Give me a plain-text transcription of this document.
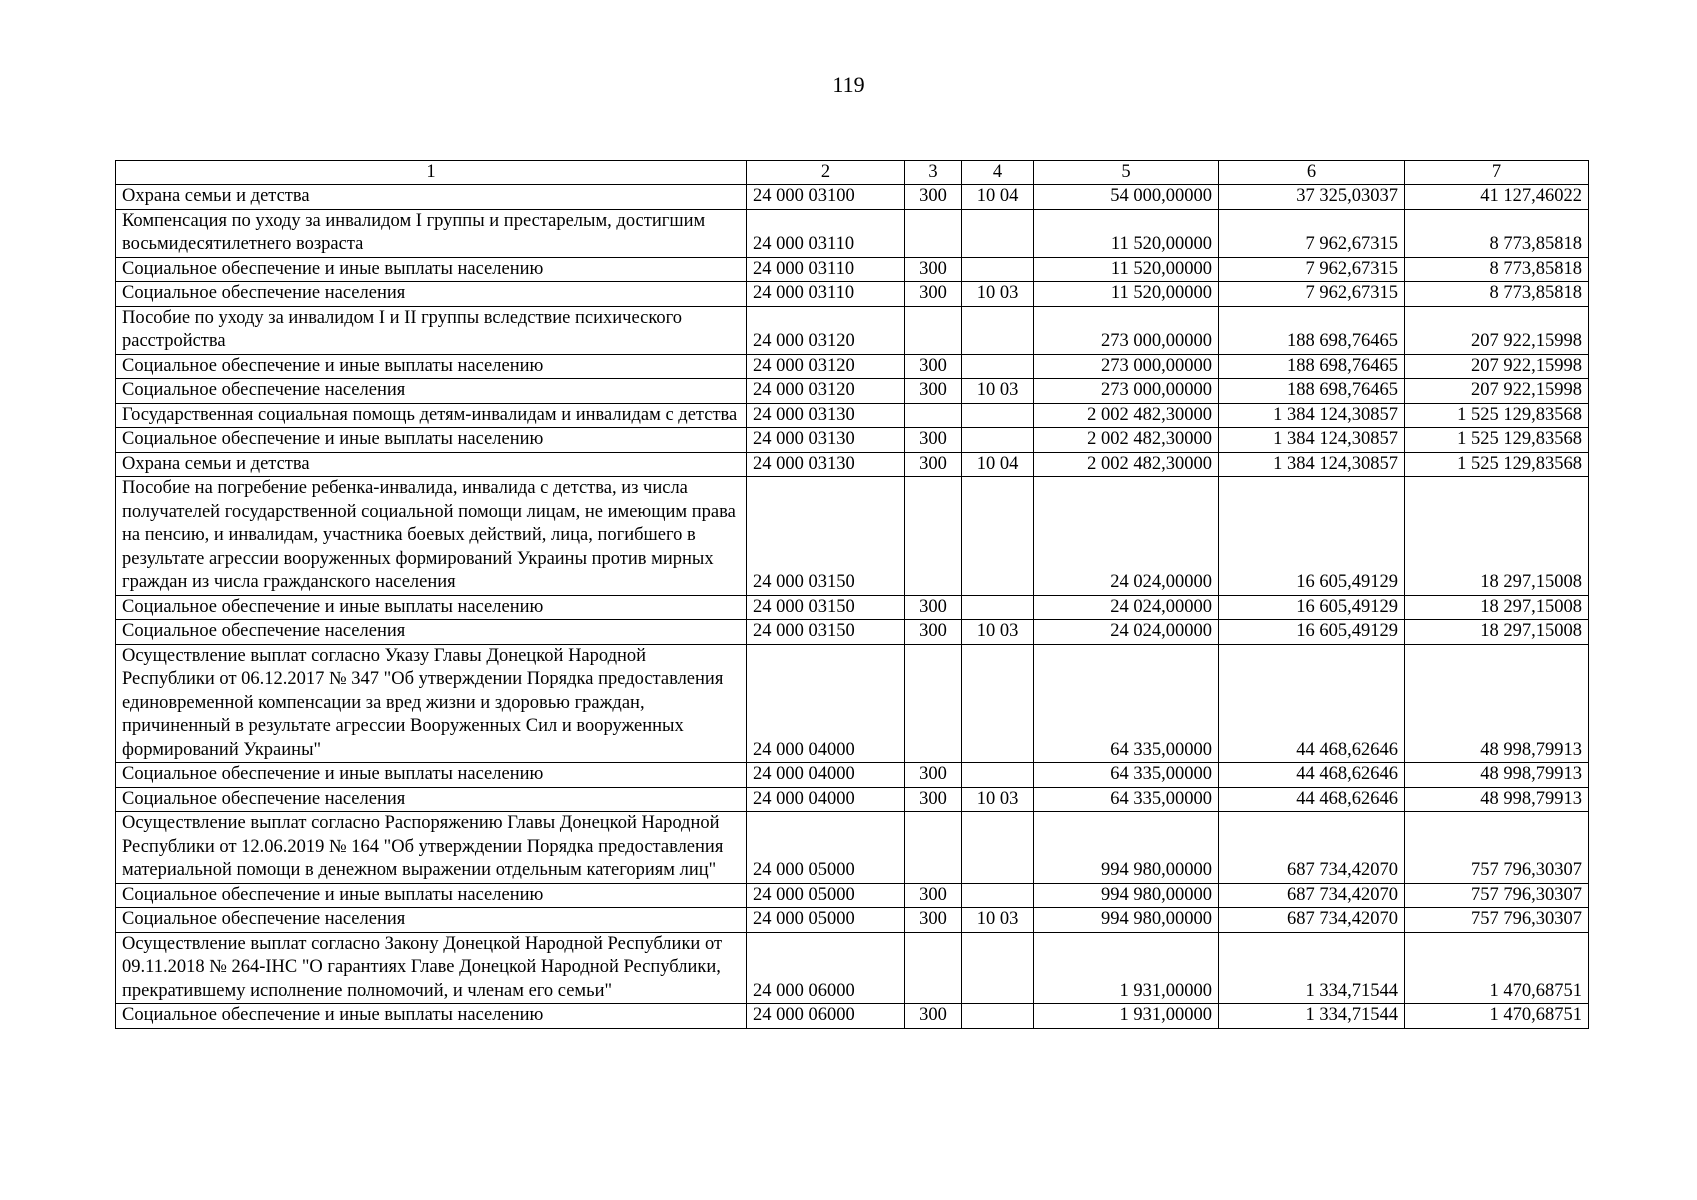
119
1	2	3	4	5	6	7
Охрана семьи и детства	24 000 03100	300	10 04	54 000,00000	37 325,03037	41 127,46022
Компенсация по уходу за инвалидом I группы и престарелым, достигшим восьмидесятилетнего возраста	24 000 03110			11 520,00000	7 962,67315	8 773,85818
Социальное обеспечение и иные выплаты населению	24 000 03110	300		11 520,00000	7 962,67315	8 773,85818
Социальное обеспечение населения	24 000 03110	300	10 03	11 520,00000	7 962,67315	8 773,85818
Пособие по уходу за инвалидом I и II группы вследствие психического расстройства	24 000 03120			273 000,00000	188 698,76465	207 922,15998
Социальное обеспечение и иные выплаты населению	24 000 03120	300		273 000,00000	188 698,76465	207 922,15998
Социальное обеспечение населения	24 000 03120	300	10 03	273 000,00000	188 698,76465	207 922,15998
Государственная социальная помощь детям-инвалидам и инвалидам с детства	24 000 03130			2 002 482,30000	1 384 124,30857	1 525 129,83568
Социальное обеспечение и иные выплаты населению	24 000 03130	300		2 002 482,30000	1 384 124,30857	1 525 129,83568
Охрана семьи и детства	24 000 03130	300	10 04	2 002 482,30000	1 384 124,30857	1 525 129,83568
Пособие на погребение ребенка-инвалида, инвалида с детства, из числа получателей государственной социальной помощи лицам, не имеющим права на пенсию, и инвалидам, участника боевых действий, лица, погибшего в результате агрессии вооруженных формирований Украины против мирных граждан из числа гражданского населения	24 000 03150			24 024,00000	16 605,49129	18 297,15008
Социальное обеспечение и иные выплаты населению	24 000 03150	300		24 024,00000	16 605,49129	18 297,15008
Социальное обеспечение населения	24 000 03150	300	10 03	24 024,00000	16 605,49129	18 297,15008
Осуществление выплат согласно Указу Главы Донецкой Народной Республики от 06.12.2017 № 347 "Об утверждении Порядка предоставления единовременной компенсации за вред жизни и здоровью граждан, причиненный в результате агрессии Вооруженных Сил и вооруженных формирований Украины"	24 000 04000			64 335,00000	44 468,62646	48 998,79913
Социальное обеспечение и иные выплаты населению	24 000 04000	300		64 335,00000	44 468,62646	48 998,79913
Социальное обеспечение населения	24 000 04000	300	10 03	64 335,00000	44 468,62646	48 998,79913
Осуществление выплат согласно Распоряжению Главы Донецкой Народной Республики от 12.06.2019 № 164 "Об утверждении Порядка предоставления материальной помощи в денежном выражении отдельным категориям лиц"	24 000 05000			994 980,00000	687 734,42070	757 796,30307
Социальное обеспечение и иные выплаты населению	24 000 05000	300		994 980,00000	687 734,42070	757 796,30307
Социальное обеспечение населения	24 000 05000	300	10 03	994 980,00000	687 734,42070	757 796,30307
Осуществление выплат согласно Закону Донецкой Народной Республики от 09.11.2018 № 264-IНС "О гарантиях Главе Донецкой Народной Республики, прекратившему исполнение полномочий, и членам его семьи"	24 000 06000			1 931,00000	1 334,71544	1 470,68751
Социальное обеспечение и иные выплаты населению	24 000 06000	300		1 931,00000	1 334,71544	1 470,68751
